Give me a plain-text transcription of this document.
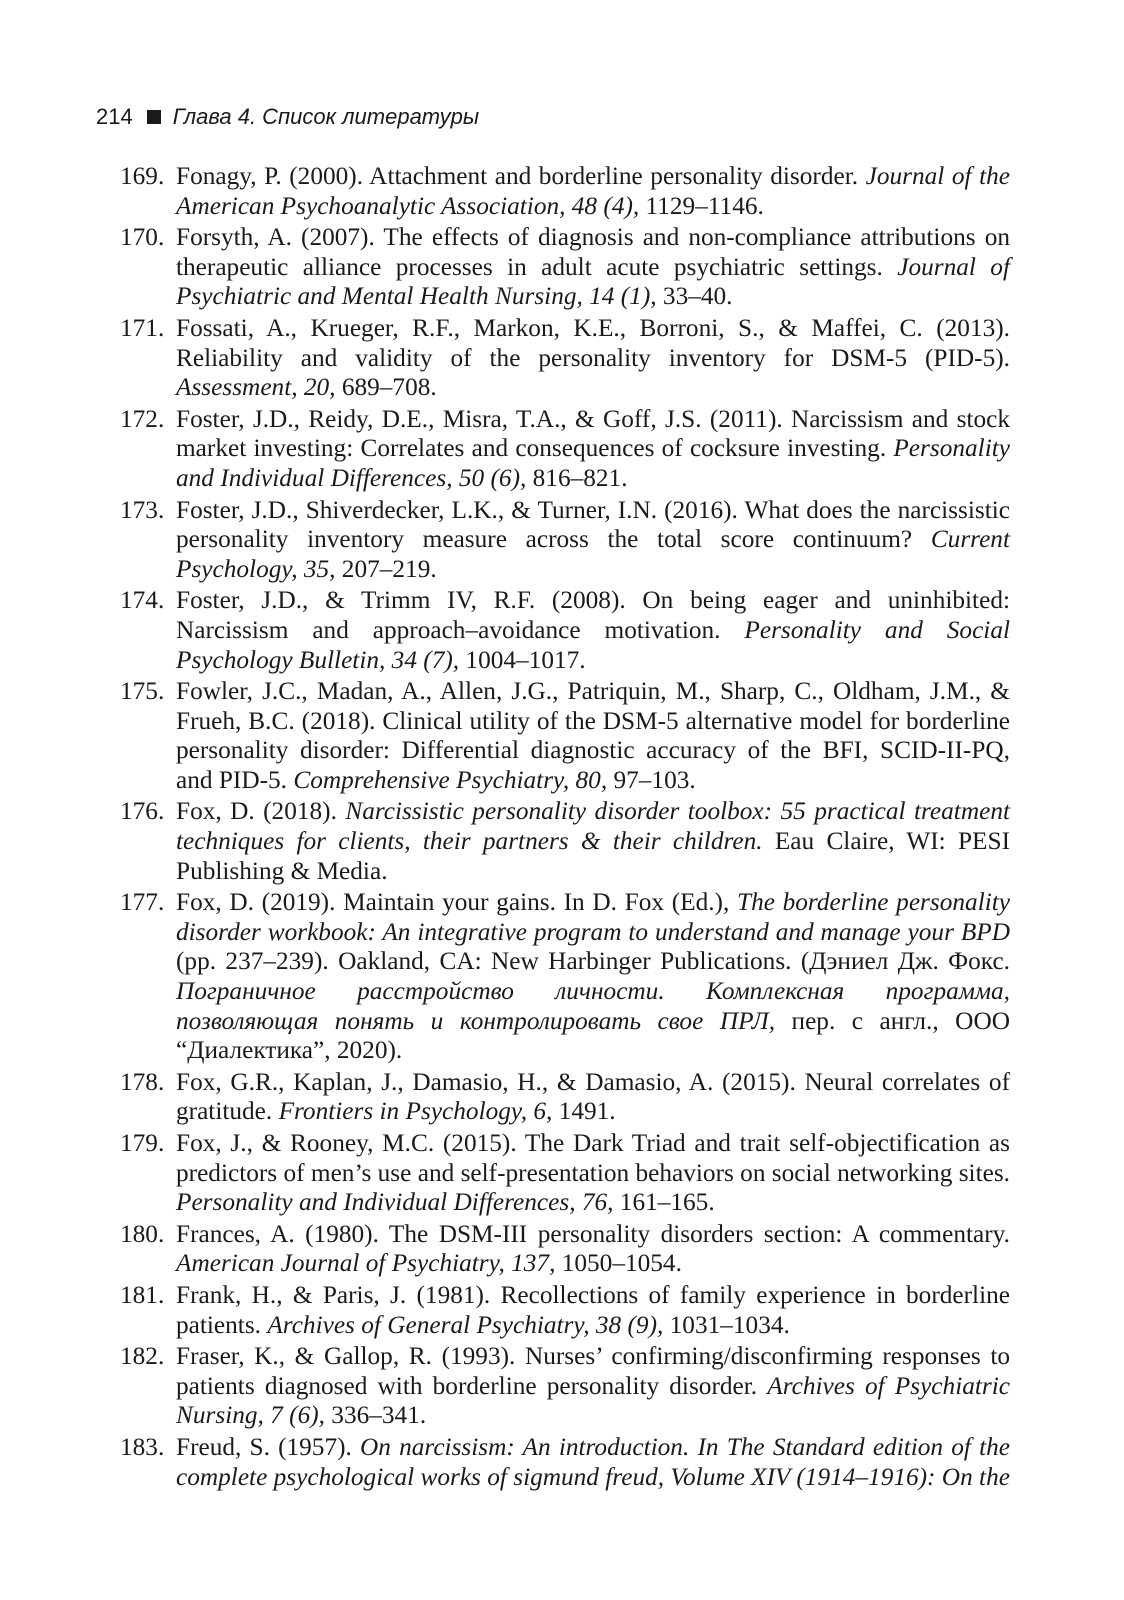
214 Глава 4. Список литературы
169. Fonagy, P. (2000). Attachment and borderline personality disorder. Journal of the American Psychoanalytic Association, 48 (4), 1129–1146.
170. Forsyth, A. (2007). The effects of diagnosis and non-compliance attributions on therapeutic alliance processes in adult acute psychiatric settings. Journal of Psychiatric and Mental Health Nursing, 14 (1), 33–40.
171. Fossati, A., Krueger, R.F., Markon, K.E., Borroni, S., & Maffei, C. (2013). Reliability and validity of the personality inventory for DSM-5 (PID-5). Assessment, 20, 689–708.
172. Foster, J.D., Reidy, D.E., Misra, T.A., & Goff, J.S. (2011). Narcissism and stock market investing: Correlates and consequences of cocksure investing. Personality and Individual Differences, 50 (6), 816–821.
173. Foster, J.D., Shiverdecker, L.K., & Turner, I.N. (2016). What does the narcissistic personality inventory measure across the total score continuum? Current Psychology, 35, 207–219.
174. Foster, J.D., & Trimm IV, R.F. (2008). On being eager and uninhibited: Narcissism and approach–avoidance motivation. Personality and Social Psychology Bulletin, 34 (7), 1004–1017.
175. Fowler, J.C., Madan, A., Allen, J.G., Patriquin, M., Sharp, C., Oldham, J.M., & Frueh, B.C. (2018). Clinical utility of the DSM-5 alternative model for borderline personality disorder: Differential diagnostic accuracy of the BFI, SCID-II-PQ, and PID-5. Comprehensive Psychiatry, 80, 97–103.
176. Fox, D. (2018). Narcissistic personality disorder toolbox: 55 practical treatment techniques for clients, their partners & their children. Eau Claire, WI: PESI Publishing & Media.
177. Fox, D. (2019). Maintain your gains. In D. Fox (Ed.), The borderline personality disorder workbook: An integrative program to understand and manage your BPD (pp. 237–239). Oakland, CA: New Harbinger Publications. (Дэниел Дж. Фокс. Пограничное расстройство личности. Комплексная программа, позволяющая понять и контролировать свое ПРЛ, пер. с англ., ООО “Диалектика”, 2020).
178. Fox, G.R., Kaplan, J., Damasio, H., & Damasio, A. (2015). Neural correlates of gratitude. Frontiers in Psychology, 6, 1491.
179. Fox, J., & Rooney, M.C. (2015). The Dark Triad and trait self-objectification as predictors of men’s use and self-presentation behaviors on social networking sites. Personality and Individual Differences, 76, 161–165.
180. Frances, A. (1980). The DSM-III personality disorders section: A commentary. American Journal of Psychiatry, 137, 1050–1054.
181. Frank, H., & Paris, J. (1981). Recollections of family experience in borderline patients. Archives of General Psychiatry, 38 (9), 1031–1034.
182. Fraser, K., & Gallop, R. (1993). Nurses’ confirming/disconfirming responses to patients diagnosed with borderline personality disorder. Archives of Psychiatric Nursing, 7 (6), 336–341.
183. Freud, S. (1957). On narcissism: An introduction. In The Standard edition of the complete psychological works of sigmund freud, Volume XIV (1914–1916): On the
